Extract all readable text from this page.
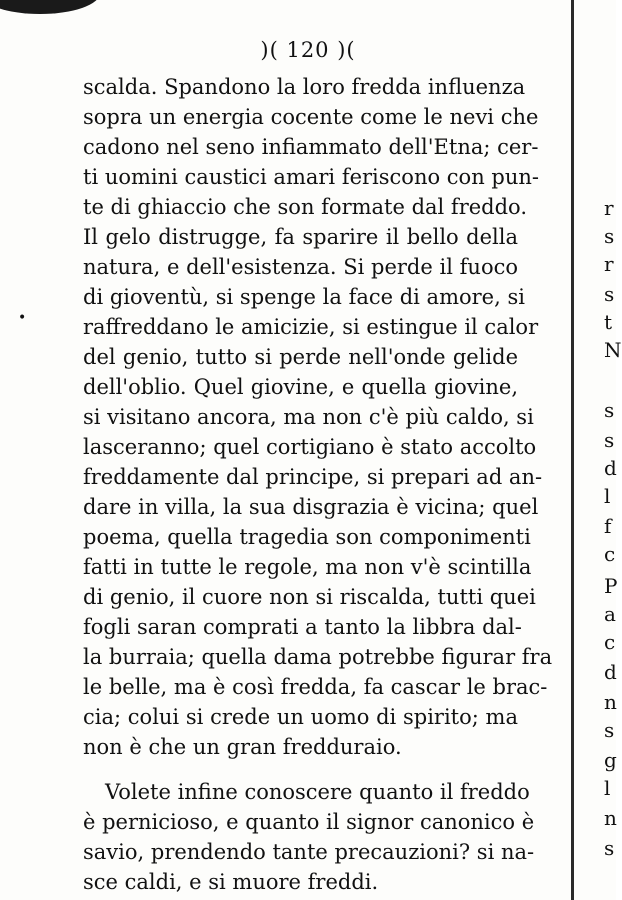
)( 120 )(
•
scalda. Spandono la loro fredda influenza
sopra un energia cocente come le nevi che
cadono nel seno infiammato dell'Etna; cer-
ti uomini caustici amari feriscono con pun-
te di ghiaccio che son formate dal freddo.
Il gelo distrugge, fa sparire il bello della
natura, e dell'esistenza. Si perde il fuoco
di gioventù, si spenge la face di amore, si
raffreddano le amicizie, si estingue il calor
del genio, tutto si perde nell'onde gelide
dell'oblio. Quel giovine, e quella giovine,
si visitano ancora, ma non c'è più caldo, si
lasceranno; quel cortigiano è stato accolto
freddamente dal principe, si prepari ad an-
dare in villa, la sua disgrazia è vicina; quel
poema, quella tragedia son componimenti
fatti in tutte le regole, ma non v'è scintilla
di genio, il cuore non si riscalda, tutti quei
fogli saran comprati a tanto la libbra dal-
la burraia; quella dama potrebbe figurar fra
le belle, ma è così fredda, fa cascar le brac-
cia; colui si crede un uomo di spirito; ma
non è che un gran fredduraio.
Volete infine conoscere quanto il freddo
è pernicioso, e quanto il signor canonico è
savio, prendendo tante precauzioni? si na-
sce caldi, e si muore freddi.
r
s
r
s
t
N
s
s
d
l
f
c
P
a
c
d
n
s
g
l
n
s
